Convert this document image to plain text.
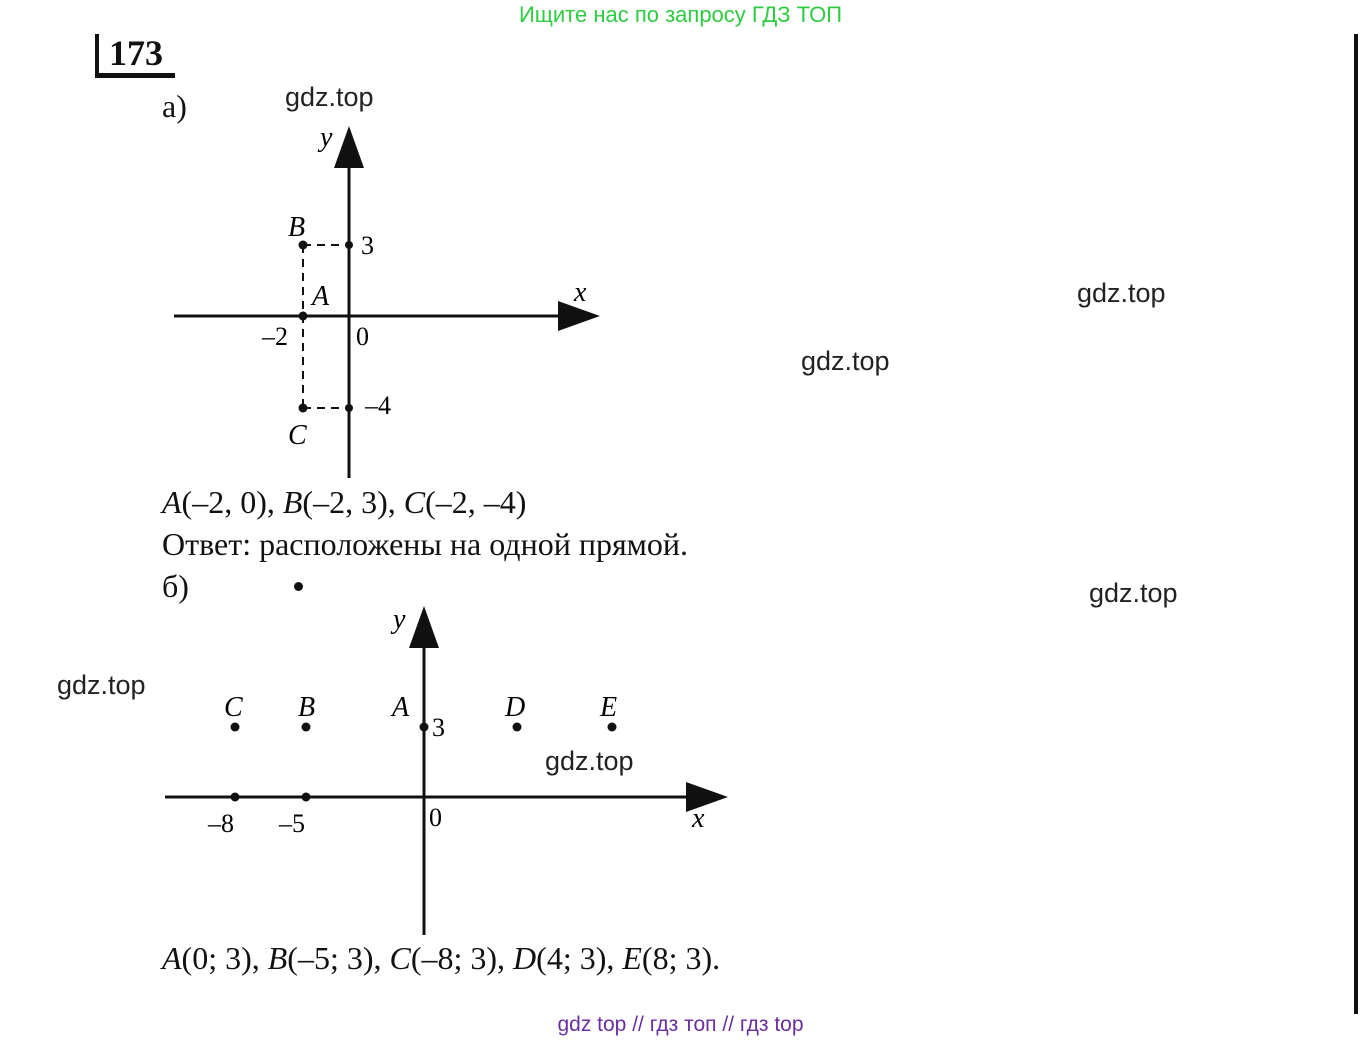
Ищите нас по запросу ГДЗ ТОП
173
а)
y
x
0
–2
3
–4
B
A
C
A(–2, 0), B(–2, 3), C(–2, –4)
Ответ: расположены на одной прямой.
б)
y
x
0
–8 –5
3
C B	A	D	E
A(0; 3), B(–5; 3), C(–8; 3), D(4; 3), E(8; 3).
gdz.top
gdz.top
gdz.top
gdz.top
gdz.top
gdz.top
gdz top // гдз топ // гдз top
